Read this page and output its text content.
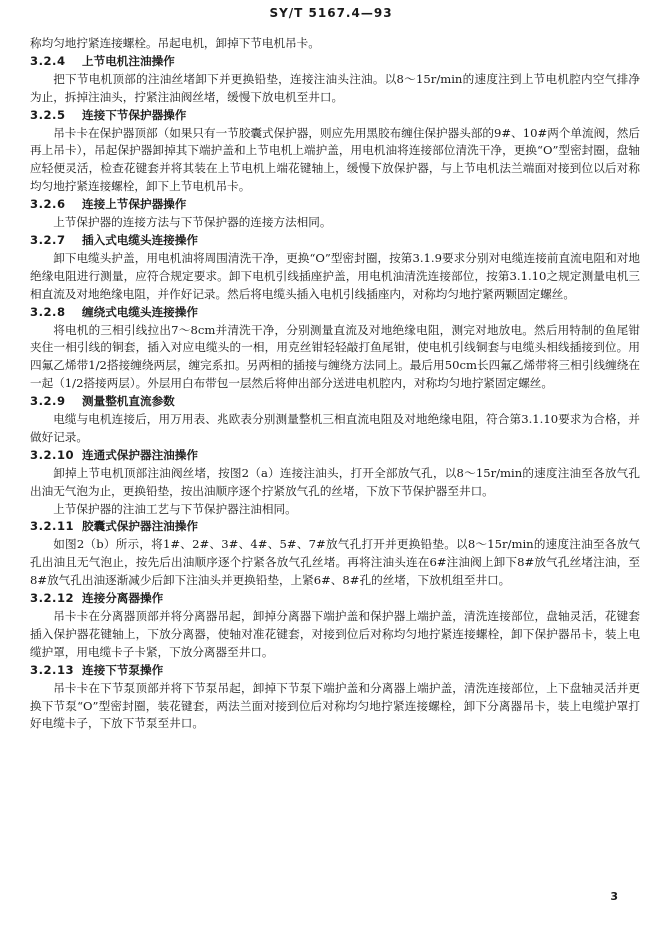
SY/T 5167.4—93

称均匀地拧紧连接螺栓。吊起电机，卸掉下节电机吊卡。

3.2.4 上节电机注油操作

把下节电机顶部的注油丝堵卸下并更换铅垫，连接注油头注油。以8～15r/min的速度注到上节电机腔内空气排净为止，拆掉注油头，拧紧注油阀丝堵，缓慢下放电机至井口。

3.2.5 连接下节保护器操作

吊卡卡在保护器顶部（如果只有一节胶囊式保护器，则应先用黑胶布缠住保护器头部的9#、10#两个单流阀，然后再上吊卡），吊起保护器卸掉其下端护盖和上节电机上端护盖，用电机油将连接部位清洗干净，更换“O”型密封圈，盘轴应轻便灵活，检查花键套并将其装在上节电机上端花键轴上，缓慢下放保护器，与上节电机法兰端面对接到位以后对称均匀地拧紧连接螺栓，卸下上节电机吊卡。

3.2.6 连接上节保护器操作

上节保护器的连接方法与下节保护器的连接方法相同。

3.2.7 插入式电缆头连接操作

卸下电缆头护盖，用电机油将周围清洗干净，更换“O”型密封圈，按第3.1.9要求分别对电缆连接前直流电阻和对地绝缘电阻进行测量，应符合规定要求。卸下电机引线插座护盖，用电机油清洗连接部位，按第3.1.10之规定测量电机三相直流及对地绝缘电阻，并作好记录。然后将电缆头插入电机引线插座内，对称均匀地拧紧两颗固定螺丝。

3.2.8 缠绕式电缆头连接操作

将电机的三相引线拉出7～8cm并清洗干净，分别测量直流及对地绝缘电阻，测完对地放电。然后用特制的鱼尾钳夹住一相引线的铜套，插入对应电缆头的一相，用克丝钳轻轻敲打鱼尾钳，使电机引线铜套与电缆头相线插接到位。用四氟乙烯带1/2搭接缠绕两层，缠完系扣。另两相的插接与缠绕方法同上。最后用50cm长四氟乙烯带将三相引线缠绕在一起（1/2搭接两层）。外层用白布带包一层然后将伸出部分送进电机腔内，对称均匀地拧紧固定螺丝。

3.2.9 测量整机直流参数

电缆与电机连接后，用万用表、兆欧表分别测量整机三相直流电阻及对地绝缘电阻，符合第3.1.10要求为合格，并做好记录。

3.2.10 连通式保护器注油操作

卸掉上节电机顶部注油阀丝堵，按图2（a）连接注油头，打开全部放气孔，以8～15r/min的速度注油至各放气孔出油无气泡为止，更换铅垫，按出油顺序逐个拧紧放气孔的丝堵，下放下节保护器至井口。

上节保护器的注油工艺与下节保护器注油相同。

3.2.11 胶囊式保护器注油操作

如图2（b）所示，将1#、2#、3#、4#、5#、7#放气孔打开并更换铅垫。以8～15r/min的速度注油至各放气孔出油且无气泡止，按先后出油顺序逐个拧紧各放气孔丝堵。再将注油头连在6#注油阀上卸下8#放气孔丝堵注油，至8#放气孔出油逐渐减少后卸下注油头并更换铅垫，上紧6#、8#孔的丝堵，下放机组至井口。

3.2.12 连接分离器操作

吊卡卡在分离器顶部并将分离器吊起，卸掉分离器下端护盖和保护器上端护盖，清洗连接部位，盘轴灵活，花键套插入保护器花键轴上，下放分离器，使轴对准花键套，对接到位后对称均匀地拧紧连接螺栓，卸下保护器吊卡，装上电缆护罩，用电缆卡子卡紧，下放分离器至井口。

3.2.13 连接下节泵操作

吊卡卡在下节泵顶部并将下节泵吊起，卸掉下节泵下端护盖和分离器上端护盖，清洗连接部位，上下盘轴灵活并更换下节泵“O”型密封圈，装花键套，两法兰面对接到位后对称均匀地拧紧连接螺栓，卸下分离器吊卡，装上电缆护罩打好电缆卡子，下放下节泵至井口。

3
